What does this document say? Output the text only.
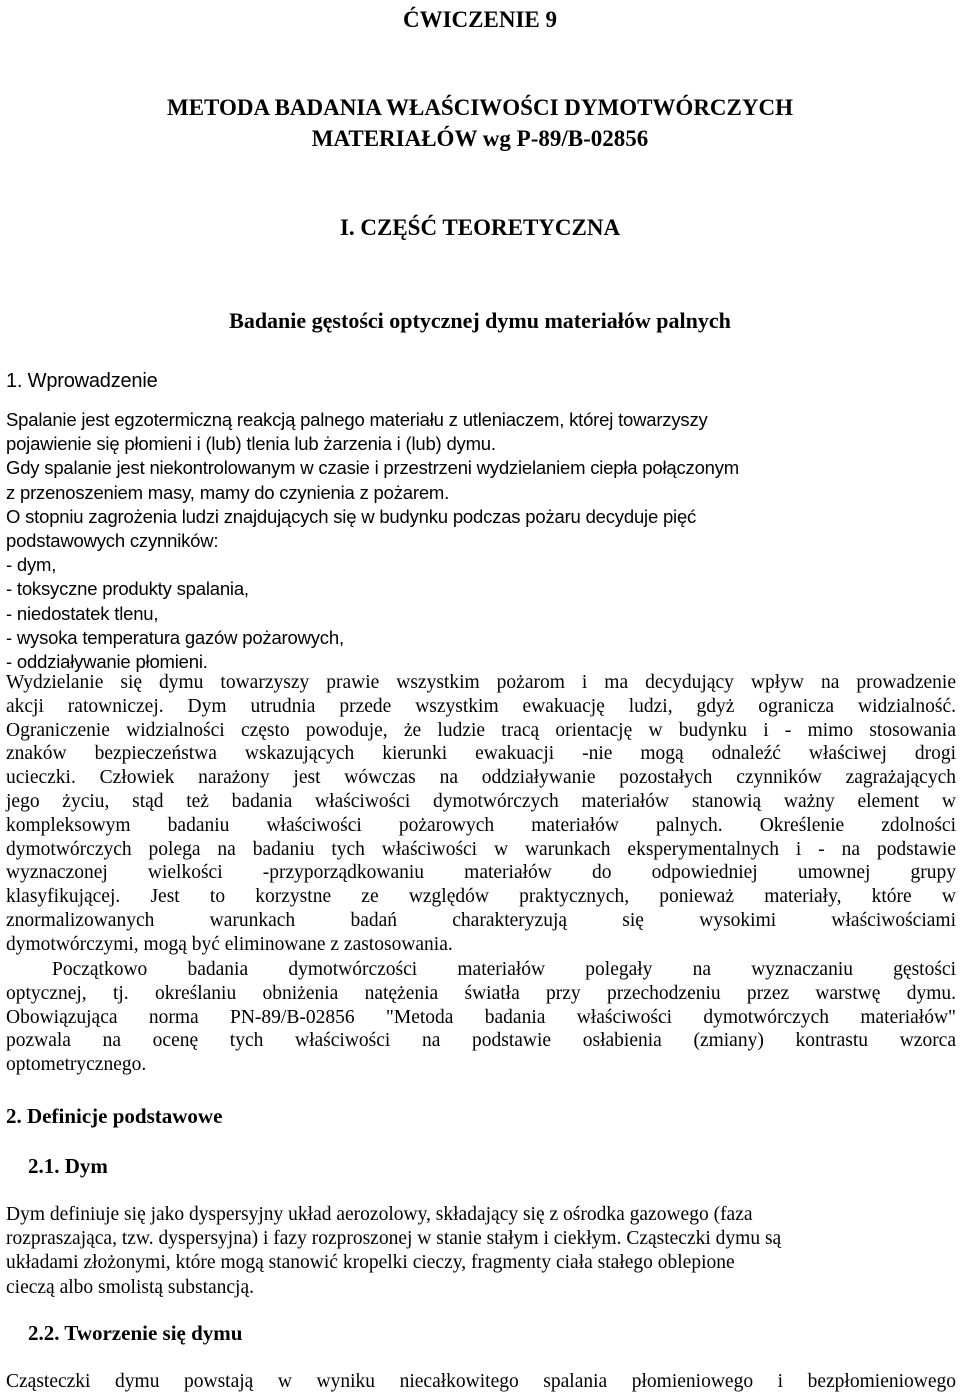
ĆWICZENIE 9

METODA BADANIA WŁAŚCIWOŚCI DYMOTWÓRCZYCH
MATERIAŁÓW wg P-89/B-02856

I. CZĘŚĆ TEORETYCZNA

Badanie gęstości optycznej dymu materiałów palnych

1. Wprowadzenie

Spalanie jest egzotermiczną reakcją palnego materiału z utleniaczem, której towarzyszy
pojawienie się płomieni i (lub) tlenia lub żarzenia i (lub) dymu.
Gdy spalanie jest niekontrolowanym w czasie i przestrzeni wydzielaniem ciepła połączonym
z przenoszeniem masy, mamy do czynienia z pożarem.
O stopniu zagrożenia ludzi znajdujących się w budynku podczas pożaru decyduje pięć
podstawowych czynników:
- dym,
- toksyczne produkty spalania,
- niedostatek tlenu,
- wysoka temperatura gazów pożarowych,
- oddziaływanie płomieni.
Wydzielanie się dymu towarzyszy prawie wszystkim pożarom i ma decydujący wpływ na prowadzenie
akcji ratowniczej. Dym utrudnia przede wszystkim ewakuację ludzi, gdyż ogranicza widzialność.
Ograniczenie widzialności często powoduje, że ludzie tracą orientację w budynku i - mimo stosowania
znaków bezpieczeństwa wskazujących kierunki ewakuacji -nie mogą odnaleźć właściwej drogi
ucieczki. Człowiek narażony jest wówczas na oddziaływanie pozostałych czynników zagrażających
jego życiu, stąd też badania właściwości dymotwórczych materiałów stanowią ważny element w
kompleksowym badaniu właściwości pożarowych materiałów palnych. Określenie zdolności
dymotwórczych polega na badaniu tych właściwości w warunkach eksperymentalnych i - na podstawie
wyznaczonej wielkości -przyporządkowaniu materiałów do odpowiedniej umownej grupy
klasyfikującej. Jest to korzystne ze względów praktycznych, ponieważ materiały, które w
znormalizowanych warunkach badań charakteryzują się wysokimi właściwościami
dymotwórczymi, mogą być eliminowane z zastosowania.
Początkowo badania dymotwórczości materiałów polegały na wyznaczaniu gęstości
optycznej, tj. określaniu obniżenia natężenia światła przy przechodzeniu przez warstwę dymu.
Obowiązująca norma PN-89/B-02856 "Metoda badania właściwości dymotwórczych materiałów"
pozwala na ocenę tych właściwości na podstawie osłabienia (zmiany) kontrastu wzorca
optometrycznego.

2. Definicje podstawowe

2.1. Dym

Dym definiuje się jako dyspersyjny układ aerozolowy, składający się z ośrodka gazowego (faza
rozpraszająca, tzw. dyspersyjna) i fazy rozproszonej w stanie stałym i ciekłym. Cząsteczki dymu są
układami złożonymi, które mogą stanowić kropelki cieczy, fragmenty ciała stałego oblepione
cieczą albo smolistą substancją.

2.2. Tworzenie się dymu

Cząsteczki dymu powstają w wyniku niecałkowitego spalania płomieniowego i bezpłomieniowego
